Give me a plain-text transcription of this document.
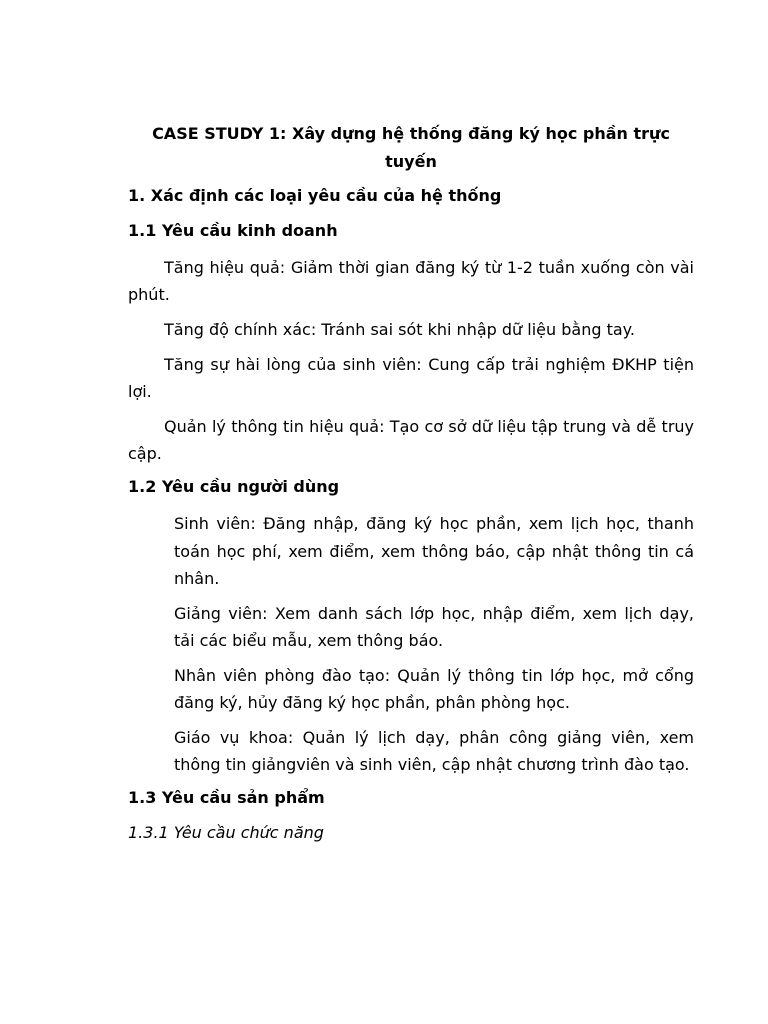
CASE STUDY 1: Xây dựng hệ thống đăng ký học phần trực tuyến
1. Xác định các loại yêu cầu của hệ thống
1.1 Yêu cầu kinh doanh
Tăng hiệu quả: Giảm thời gian đăng ký từ 1-2 tuần xuống còn vài phút.
Tăng độ chính xác: Tránh sai sót khi nhập dữ liệu bằng tay.
Tăng sự hài lòng của sinh viên: Cung cấp trải nghiệm ĐKHP tiện lợi.
Quản lý thông tin hiệu quả: Tạo cơ sở dữ liệu tập trung và dễ truy cập.
1.2 Yêu cầu người dùng
Sinh viên: Đăng nhập, đăng ký học phần, xem lịch học, thanh toán học phí, xem điểm, xem thông báo, cập nhật thông tin cá nhân.
Giảng viên: Xem danh sách lớp học, nhập điểm, xem lịch dạy, tải các biểu mẫu, xem thông báo.
Nhân viên phòng đào tạo: Quản lý thông tin lớp học, mở cổng đăng ký, hủy đăng ký học phần, phân phòng học.
Giáo vụ khoa: Quản lý lịch dạy, phân công giảng viên, xem thông tin giảngviên và sinh viên, cập nhật chương trình đào tạo.
1.3 Yêu cầu sản phẩm
1.3.1 Yêu cầu chức năng
